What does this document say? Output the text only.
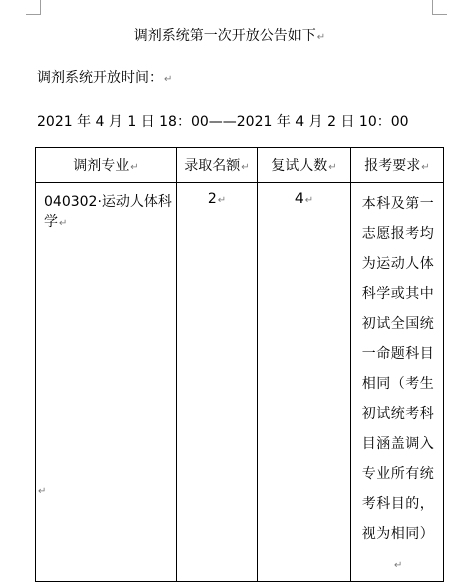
调剂系统第一次开放公告如下↵
调剂系统开放时间：↵
2021 年 4 月 1 日 18：00——2021 年 4 月 2 日 10：00
调剂专业↵	录取名额↵	复试人数↵	报考要求↵
040302·运动人体科学↵	2↵	4↵	本科及第一志愿报考均为运动人体科学或其中初试全国统一命题科目相同（考生初试统考科目涵盖调入专业所有统考科目的，视为相同）↵
↵
